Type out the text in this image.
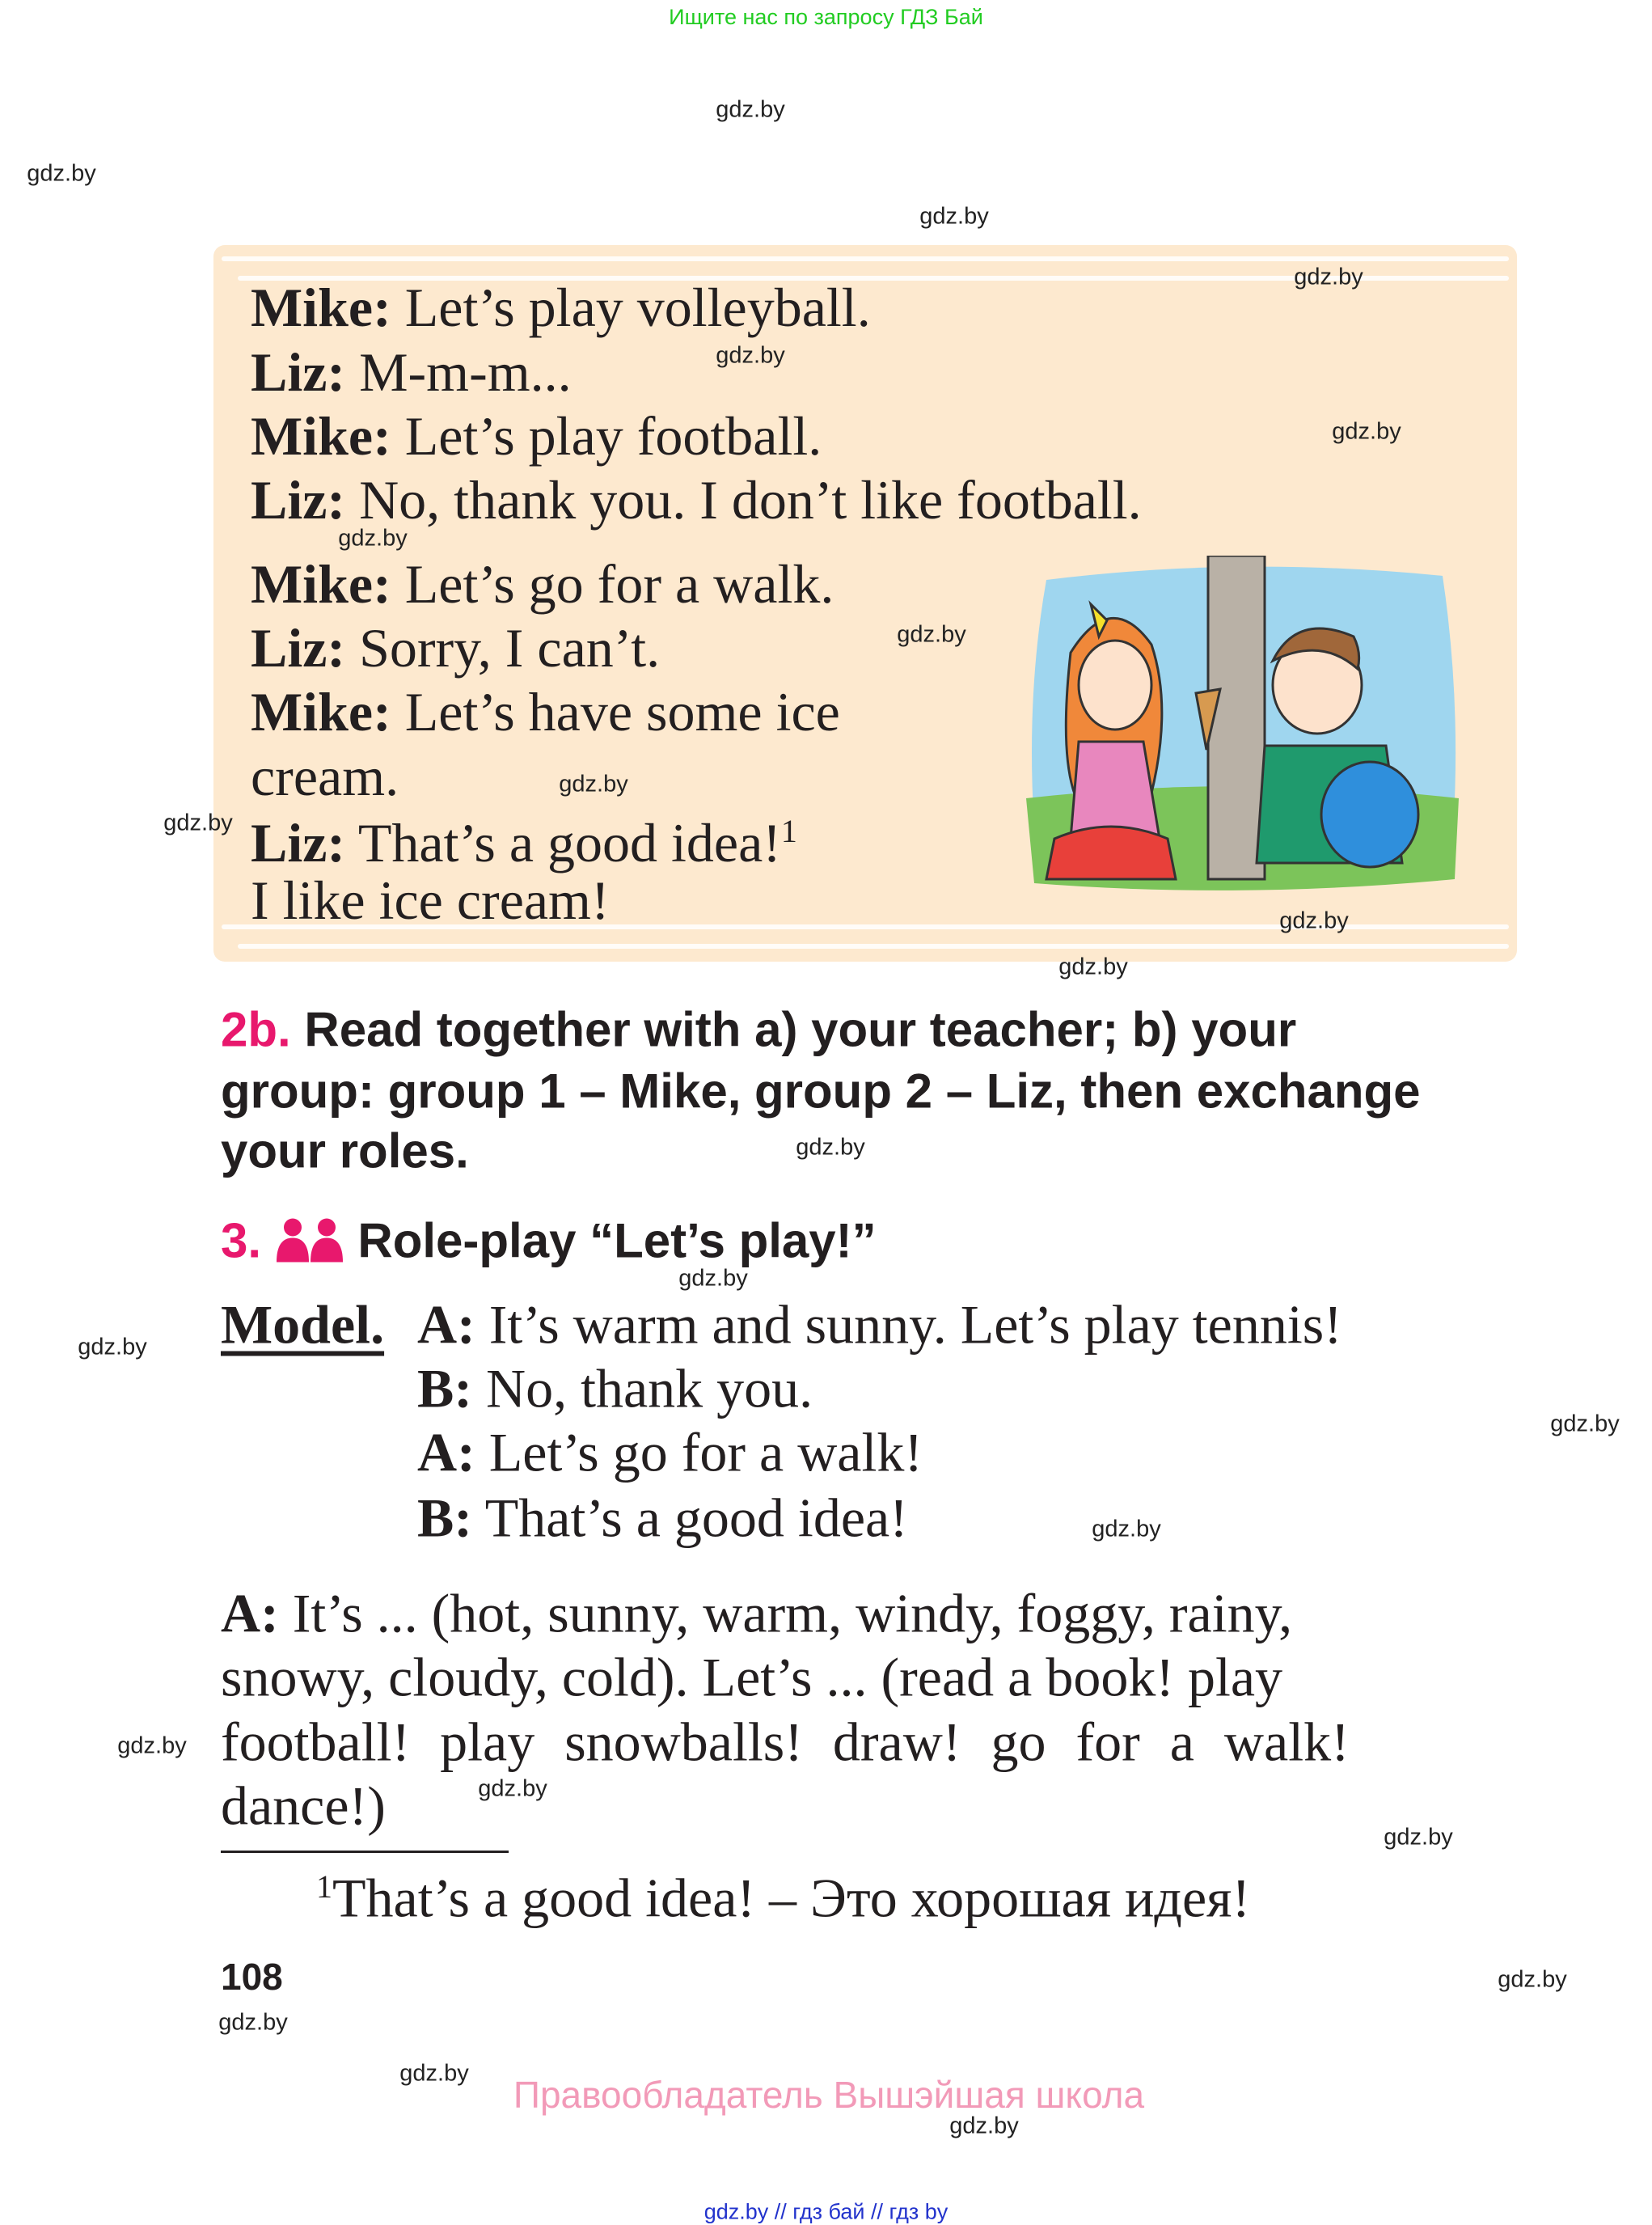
Ищите нас по запросу ГДЗ Бай
Mike: Let’s play volleyball.
Liz: M-m-m...
Mike: Let’s play football.
Liz: No, thank you. I don’t like football.
Mike: Let’s go for a walk.
Liz: Sorry, I can’t.
Mike: Let’s have some ice
cream.
Liz: That’s a good idea!$^1$
I like ice cream!
2b. Read together with a) your teacher; b) your
group: group 1 – Mike, group 2 – Liz, then exchange
your roles.
3. Role-play “Let’s play!”
Model. A: It’s warm and sunny. Let’s play tennis!
B: No, thank you.
A: Let’s go for a walk!
B: That’s a good idea!
A: It’s ... (hot, sunny, warm, windy, foggy, rainy,
snowy, cloudy, cold). Let’s ... (read a book! play
football! play snowballs! draw! go for a walk!
dance!)
$^1$That’s a good idea! – Это хорошая идея!
108
Правообладатель Вышэйшая школа
gdz.by // гдз бай // гдз by
gdz.by
gdz.by
gdz.by
gdz.by
gdz.by
gdz.by
gdz.by
gdz.by
gdz.by
gdz.by
gdz.by
gdz.by
gdz.by
gdz.by
gdz.by
gdz.by
gdz.by
gdz.by
gdz.by
gdz.by
gdz.by
gdz.by
gdz.by
gdz.by
